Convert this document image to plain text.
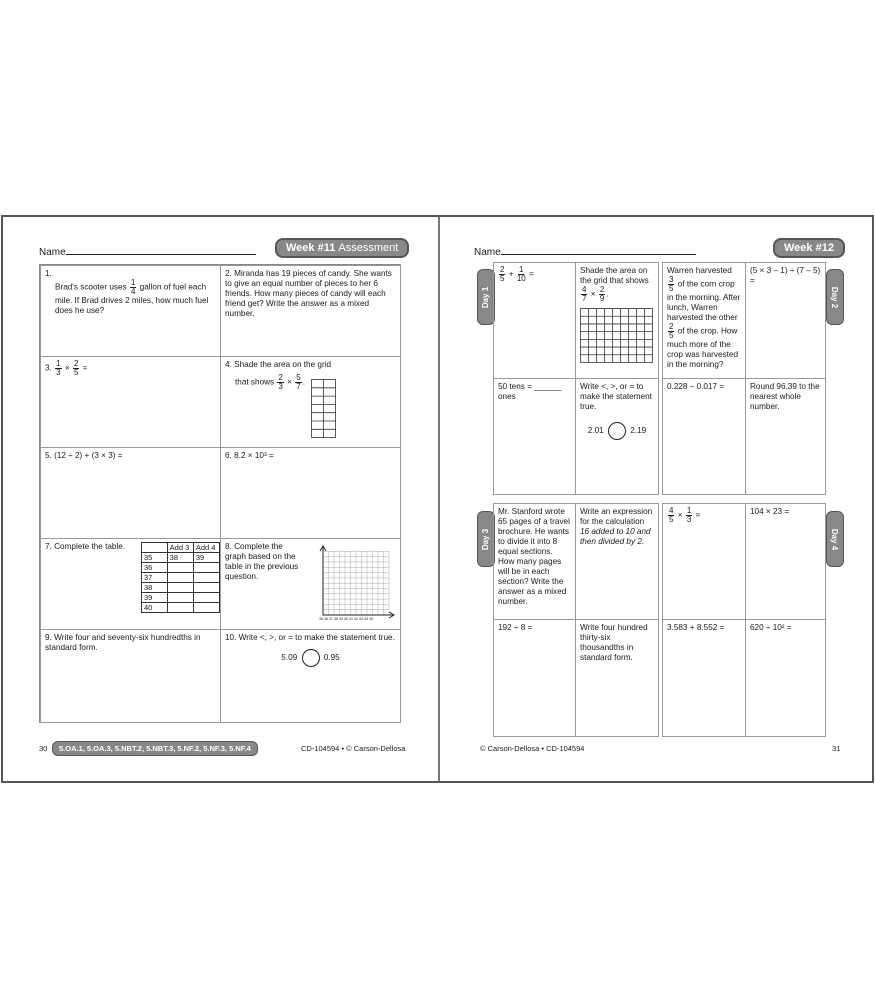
Name	Week #11 Assessment
1.
Brad's scooter uses $\frac{1}{4}$ gallon of fuel each mile. If Brad drives 2 miles, how much fuel does he use?
2. Miranda has 19 pieces of candy. She wants to give an equal number of pieces to her 6 friends. How many pieces of candy will each friend get? Write the answer as a mixed number.
3. $\frac{1}{3} \times \frac{2}{5}$ =	4. Shade the area on the grid
that shows $\frac{2}{3} \times \frac{5}{7}$ .
5. (12 ÷ 2) + (3 × 3) =	6. 8.2 × 10³ =
7. Complete the table.
		Add 3	Add 4
35	38	39
36		
37		
38		
39		
40		
8. Complete the graph based on the table in the previous question.
35 36 37 38 39 40 41 42 43 44 45
9. Write four and seventy-six hundredths in standard form.
10. Write <, >, or = to make the statement true.
5.09	0.95
30	5.OA.1, 5.OA.3, 5.NBT.2, 5.NBT.3, 5.NF.2, 5.NF.3, 5.NF.4	CD-104594 • © Carson-Dellosa
Name	Week #12
Day 1	Day 2
Day 3	Day 4
$\frac{2}{5} + \frac{1}{10}$ =	Shade the area on the grid that shows
$\frac{4}{7} \times \frac{2}{9}$ .
Warren harvested
$\frac{3}{5}$ of the corn crop in the morning. After lunch, Warren harvested the other
$\frac{2}{5}$ of the crop. How much more of the crop was harvested in the morning?
(5 × 3 – 1) ÷ (7 – 5) =
50 tens = ______ ones
Write <, >, or = to make the statement true.
2.01	2.19
0.228 – 0.017 =	Round 96.39 to the nearest whole number.
Mr. Stanford wrote 65 pages of a travel brochure. He wants to divide it into 8 equal sections. How many pages will be in each section? Write the answer as a mixed number.
Write an expression for the calculation 16 added to 10 and then divided by 2.
$\frac{4}{5} \times \frac{1}{3}$ =	104 × 23 =
192 ÷ 8 =	Write four hundred thirty-six thousandths in standard form.
3.583 + 8.552 =	620 ÷ 10² =
© Carson-Dellosa • CD-104594	31
